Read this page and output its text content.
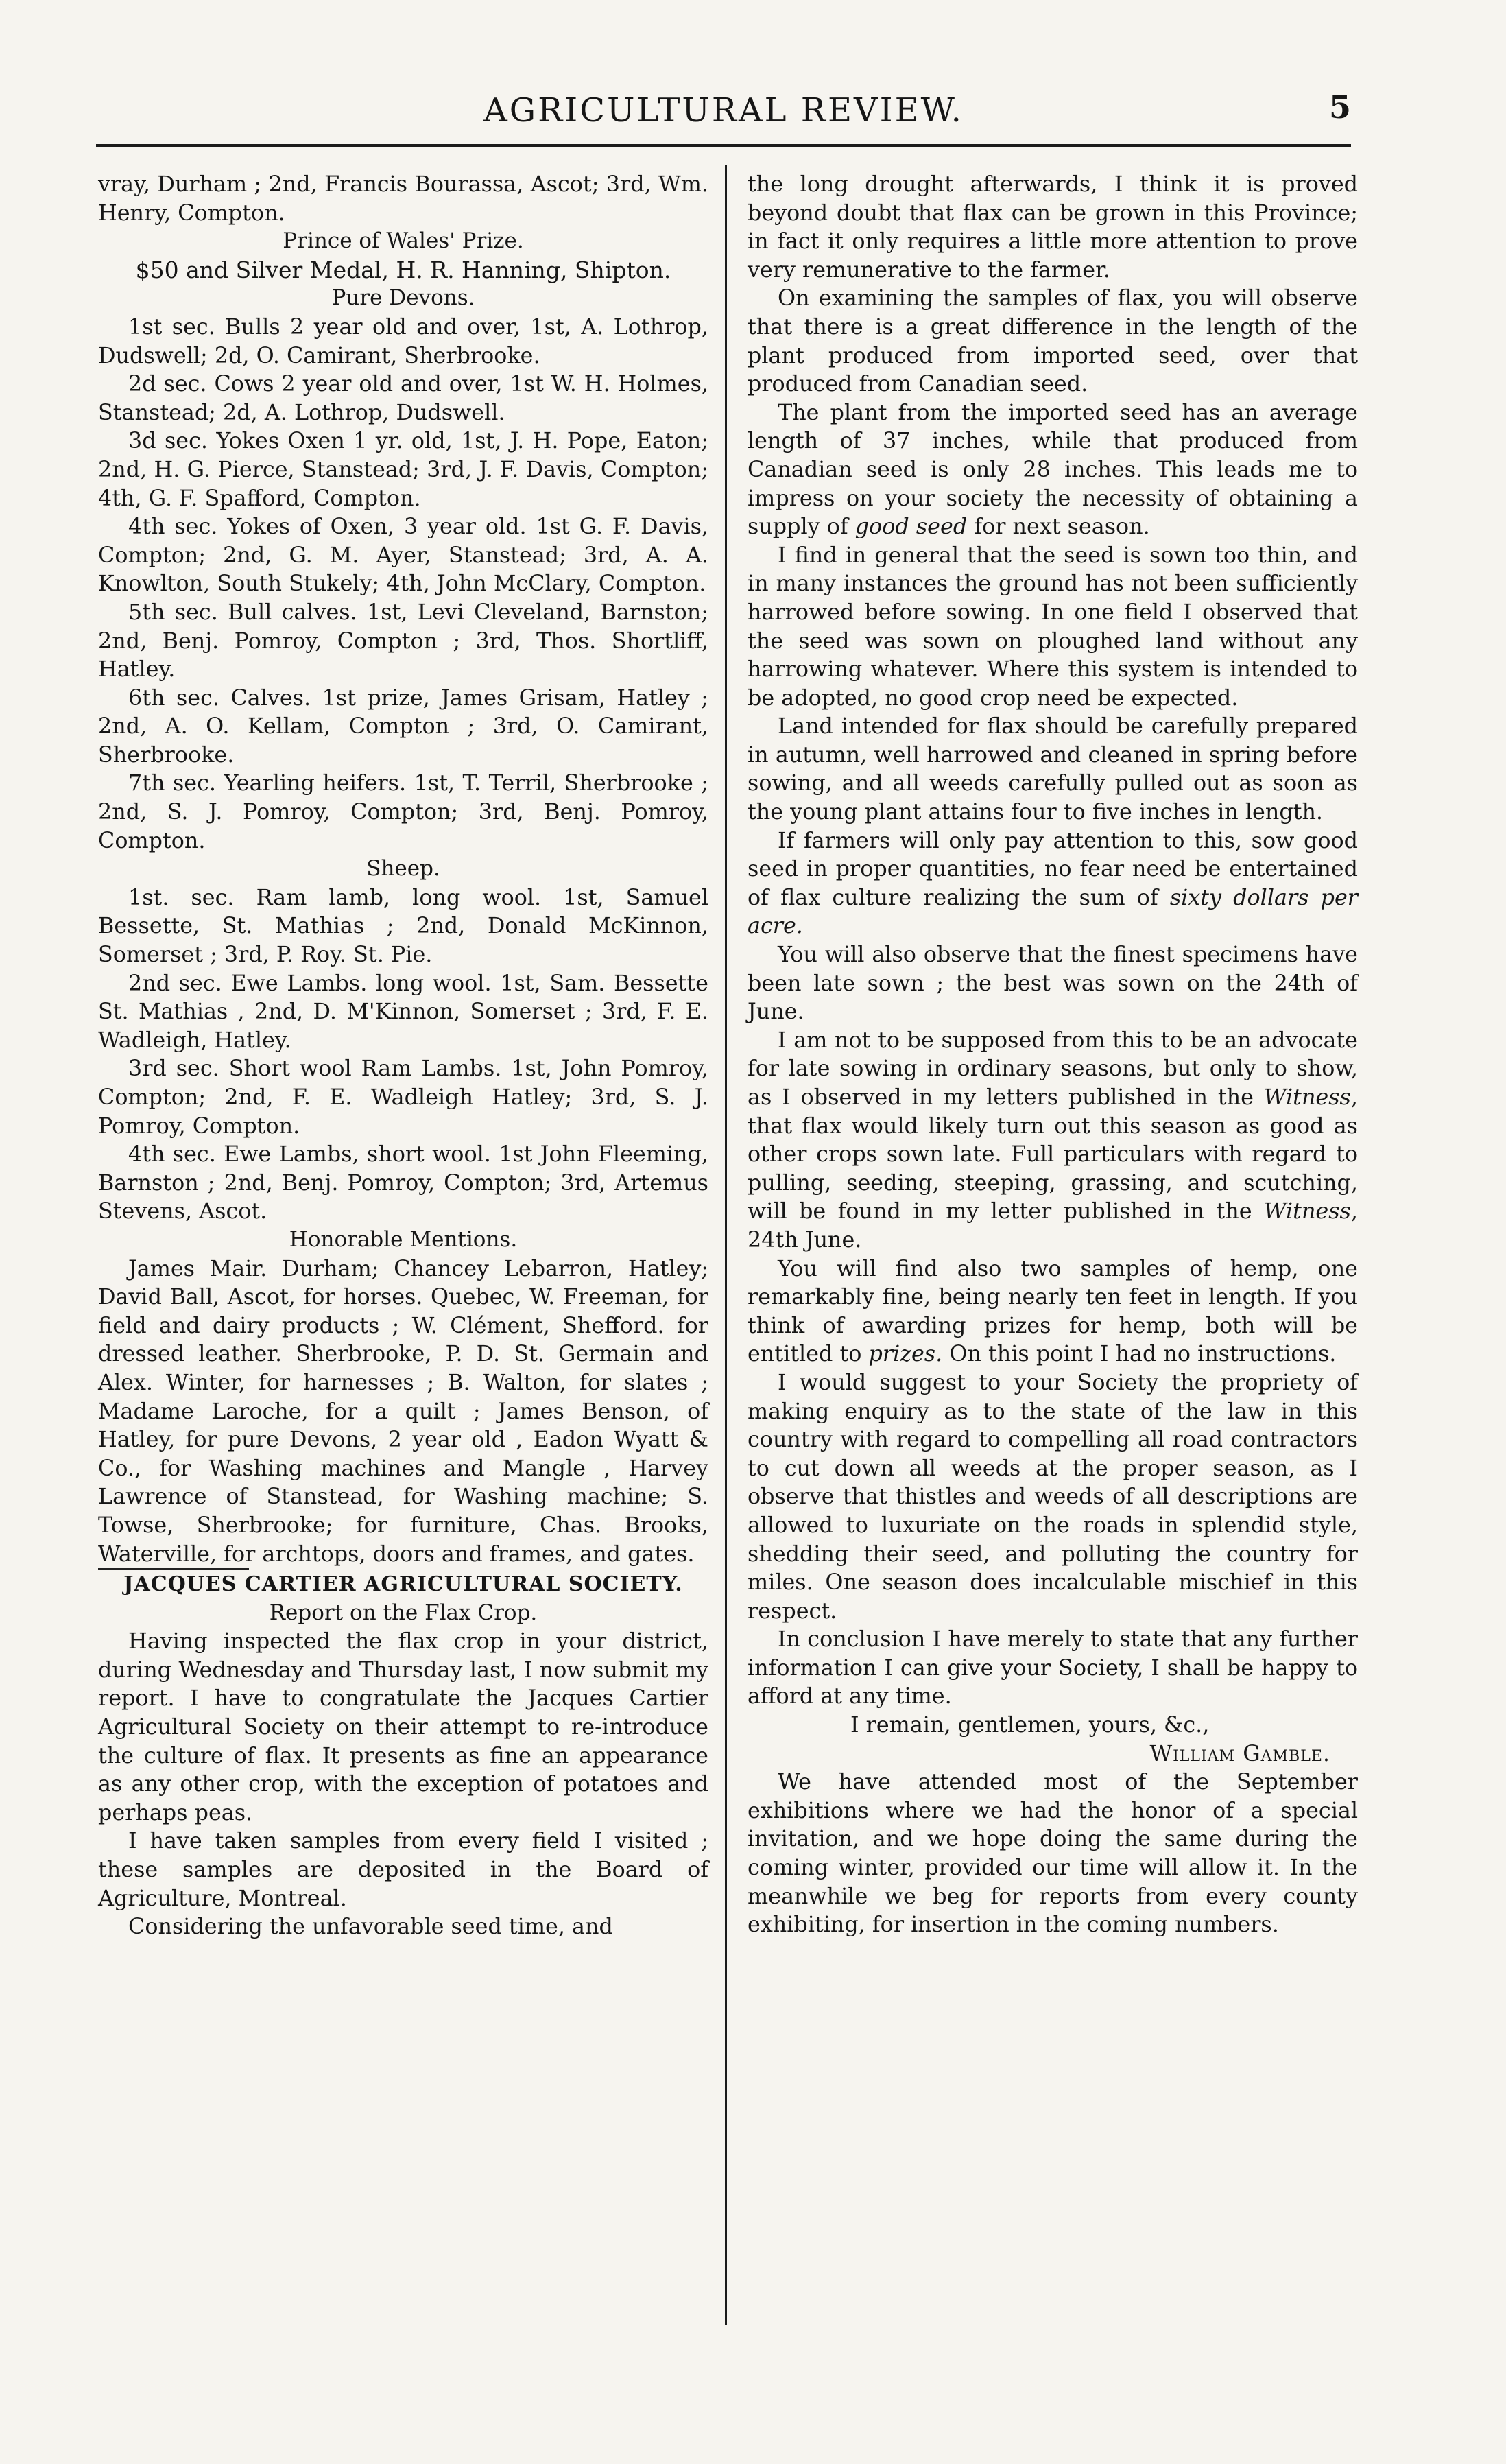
AGRICULTURAL REVIEW.	5

vray, Durham ; 2nd, Francis Bourassa, Ascot; 3rd, Wm. Henry, Compton.

Prince of Wales' Prize.
$50 and Silver Medal, H. R. Hanning, Shipton.
Pure Devons.

1st sec. Bulls 2 year old and over, 1st, A. Lothrop, Dudswell; 2d, O. Camirant, Sherbrooke.

2d sec. Cows 2 year old and over, 1st W. H. Holmes, Stanstead; 2d, A. Lothrop, Dudswell.

3d sec. Yokes Oxen 1 yr. old, 1st, J. H. Pope, Eaton; 2nd, H. G. Pierce, Stanstead; 3rd, J. F. Davis, Compton; 4th, G. F. Spafford, Compton.

4th sec. Yokes of Oxen, 3 year old. 1st G. F. Davis, Compton; 2nd, G. M. Ayer, Stanstead; 3rd, A. A. Knowlton, South Stukely; 4th, John McClary, Compton.

5th sec. Bull calves. 1st, Levi Cleveland, Barnston; 2nd, Benj. Pomroy, Compton ; 3rd, Thos. Shortliff, Hatley.

6th sec. Calves. 1st prize, James Grisam, Hatley ; 2nd, A. O. Kellam, Compton ; 3rd, O. Camirant, Sherbrooke.

7th sec. Yearling heifers. 1st, T. Terril, Sherbrooke ; 2nd, S. J. Pomroy, Compton; 3rd, Benj. Pomroy, Compton.

Sheep.

1st. sec. Ram lamb, long wool. 1st, Samuel Bessette, St. Mathias ; 2nd, Donald McKinnon, Somerset ; 3rd, P. Roy. St. Pie.

2nd sec. Ewe Lambs. long wool. 1st, Sam. Bessette St. Mathias , 2nd, D. M'Kinnon, Somerset ; 3rd, F. E. Wadleigh, Hatley.

3rd sec. Short wool Ram Lambs. 1st, John Pomroy, Compton; 2nd, F. E. Wadleigh Hatley; 3rd, S. J. Pomroy, Compton.

4th sec. Ewe Lambs, short wool. 1st John Fleeming, Barnston ; 2nd, Benj. Pomroy, Compton; 3rd, Artemus Stevens, Ascot.

Honorable Mentions.

James Mair. Durham; Chancey Lebarron, Hatley; David Ball, Ascot, for horses. Quebec, W. Freeman, for field and dairy products ; W. Clément, Shefford. for dressed leather. Sherbrooke, P. D. St. Germain and Alex. Winter, for harnesses ; B. Walton, for slates ; Madame Laroche, for a quilt ; James Benson, of Hatley, for pure Devons, 2 year old , Eadon Wyatt & Co., for Washing machines and Mangle , Harvey Lawrence of Stanstead, for Washing machine; S. Towse, Sherbrooke; for furniture, Chas. Brooks, Waterville, for archtops, doors and frames, and gates.

JACQUES CARTIER AGRICULTURAL SOCIETY.
Report on the Flax Crop.

Having inspected the flax crop in your district, during Wednesday and Thursday last, I now submit my report. I have to congratulate the Jacques Cartier Agricultural Society on their attempt to re-introduce the culture of flax. It presents as fine an appearance as any other crop, with the exception of potatoes and perhaps peas.

I have taken samples from every field I visited ; these samples are deposited in the Board of Agriculture, Montreal.

Considering the unfavorable seed time, and

the long drought afterwards, I think it is proved beyond doubt that flax can be grown in this Province; in fact it only requires a little more attention to prove very remunerative to the farmer.

On examining the samples of flax, you will observe that there is a great difference in the length of the plant produced from imported seed, over that produced from Canadian seed.

The plant from the imported seed has an average length of 37 inches, while that produced from Canadian seed is only 28 inches. This leads me to impress on your society the necessity of obtaining a supply of good seed for next season.

I find in general that the seed is sown too thin, and in many instances the ground has not been sufficiently harrowed before sowing. In one field I observed that the seed was sown on ploughed land without any harrowing whatever. Where this system is intended to be adopted, no good crop need be expected.

Land intended for flax should be carefully prepared in autumn, well harrowed and cleaned in spring before sowing, and all weeds carefully pulled out as soon as the young plant attains four to five inches in length.

If farmers will only pay attention to this, sow good seed in proper quantities, no fear need be entertained of flax culture realizing the sum of sixty dollars per acre.

You will also observe that the finest specimens have been late sown ; the best was sown on the 24th of June.

I am not to be supposed from this to be an advocate for late sowing in ordinary seasons, but only to show, as I observed in my letters published in the Witness, that flax would likely turn out this season as good as other crops sown late. Full particulars with regard to pulling, seeding, steeping, grassing, and scutching, will be found in my letter published in the Witness, 24th June.

You will find also two samples of hemp, one remarkably fine, being nearly ten feet in length. If you think of awarding prizes for hemp, both will be entitled to prizes. On this point I had no instructions.

I would suggest to your Society the propriety of making enquiry as to the state of the law in this country with regard to compelling all road contractors to cut down all weeds at the proper season, as I observe that thistles and weeds of all descriptions are allowed to luxuriate on the roads in splendid style, shedding their seed, and polluting the country for miles. One season does incalculable mischief in this respect.

In conclusion I have merely to state that any further information I can give your Society, I shall be happy to afford at any time.

I remain, gentlemen, yours, &c.,
William Gamble.

We have attended most of the September exhibitions where we had the honor of a special invitation, and we hope doing the same during the coming winter, provided our time will allow it. In the meanwhile we beg for reports from every county exhibiting, for insertion in the coming numbers.
